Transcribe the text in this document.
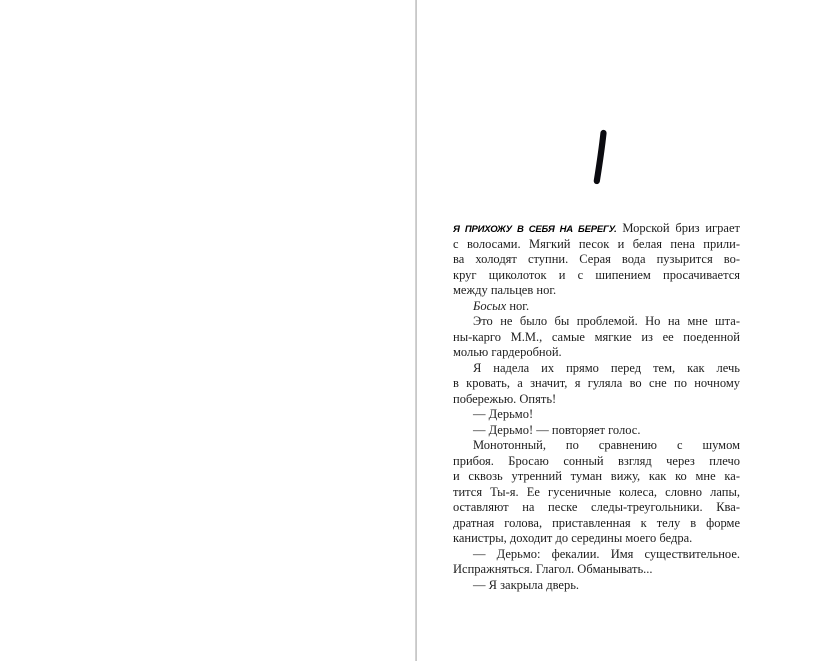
Я ПРИХОЖУ В СЕБЯ НА БЕРЕГУ. Морской бриз играет
с волосами. Мягкий песок и белая пена прили-
ва холодят ступни. Серая вода пузырится во-
круг щиколоток и с шипением просачивается
между пальцев ног.
Босых ног.
Это не было бы проблемой. Но на мне шта-
ны-карго М.М., самые мягкие из ее поеденной
молью гардеробной.
Я надела их прямо перед тем, как лечь
в кровать, а значит, я гуляла во сне по ночному
побережью. Опять!
— Дерьмо!
— Дерьмо! — повторяет голос.
Монотонный, по сравнению с шумом
прибоя. Бросаю сонный взгляд через плечо
и сквозь утренний туман вижу, как ко мне ка-
тится Ты-я. Ее гусеничные колеса, словно лапы,
оставляют на песке следы-треугольники. Ква-
дратная голова, приставленная к телу в форме
канистры, доходит до середины моего бедра.
— Дерьмо: фекалии. Имя существительное.
Испражняться. Глагол. Обманывать...
— Я закрыла дверь.
